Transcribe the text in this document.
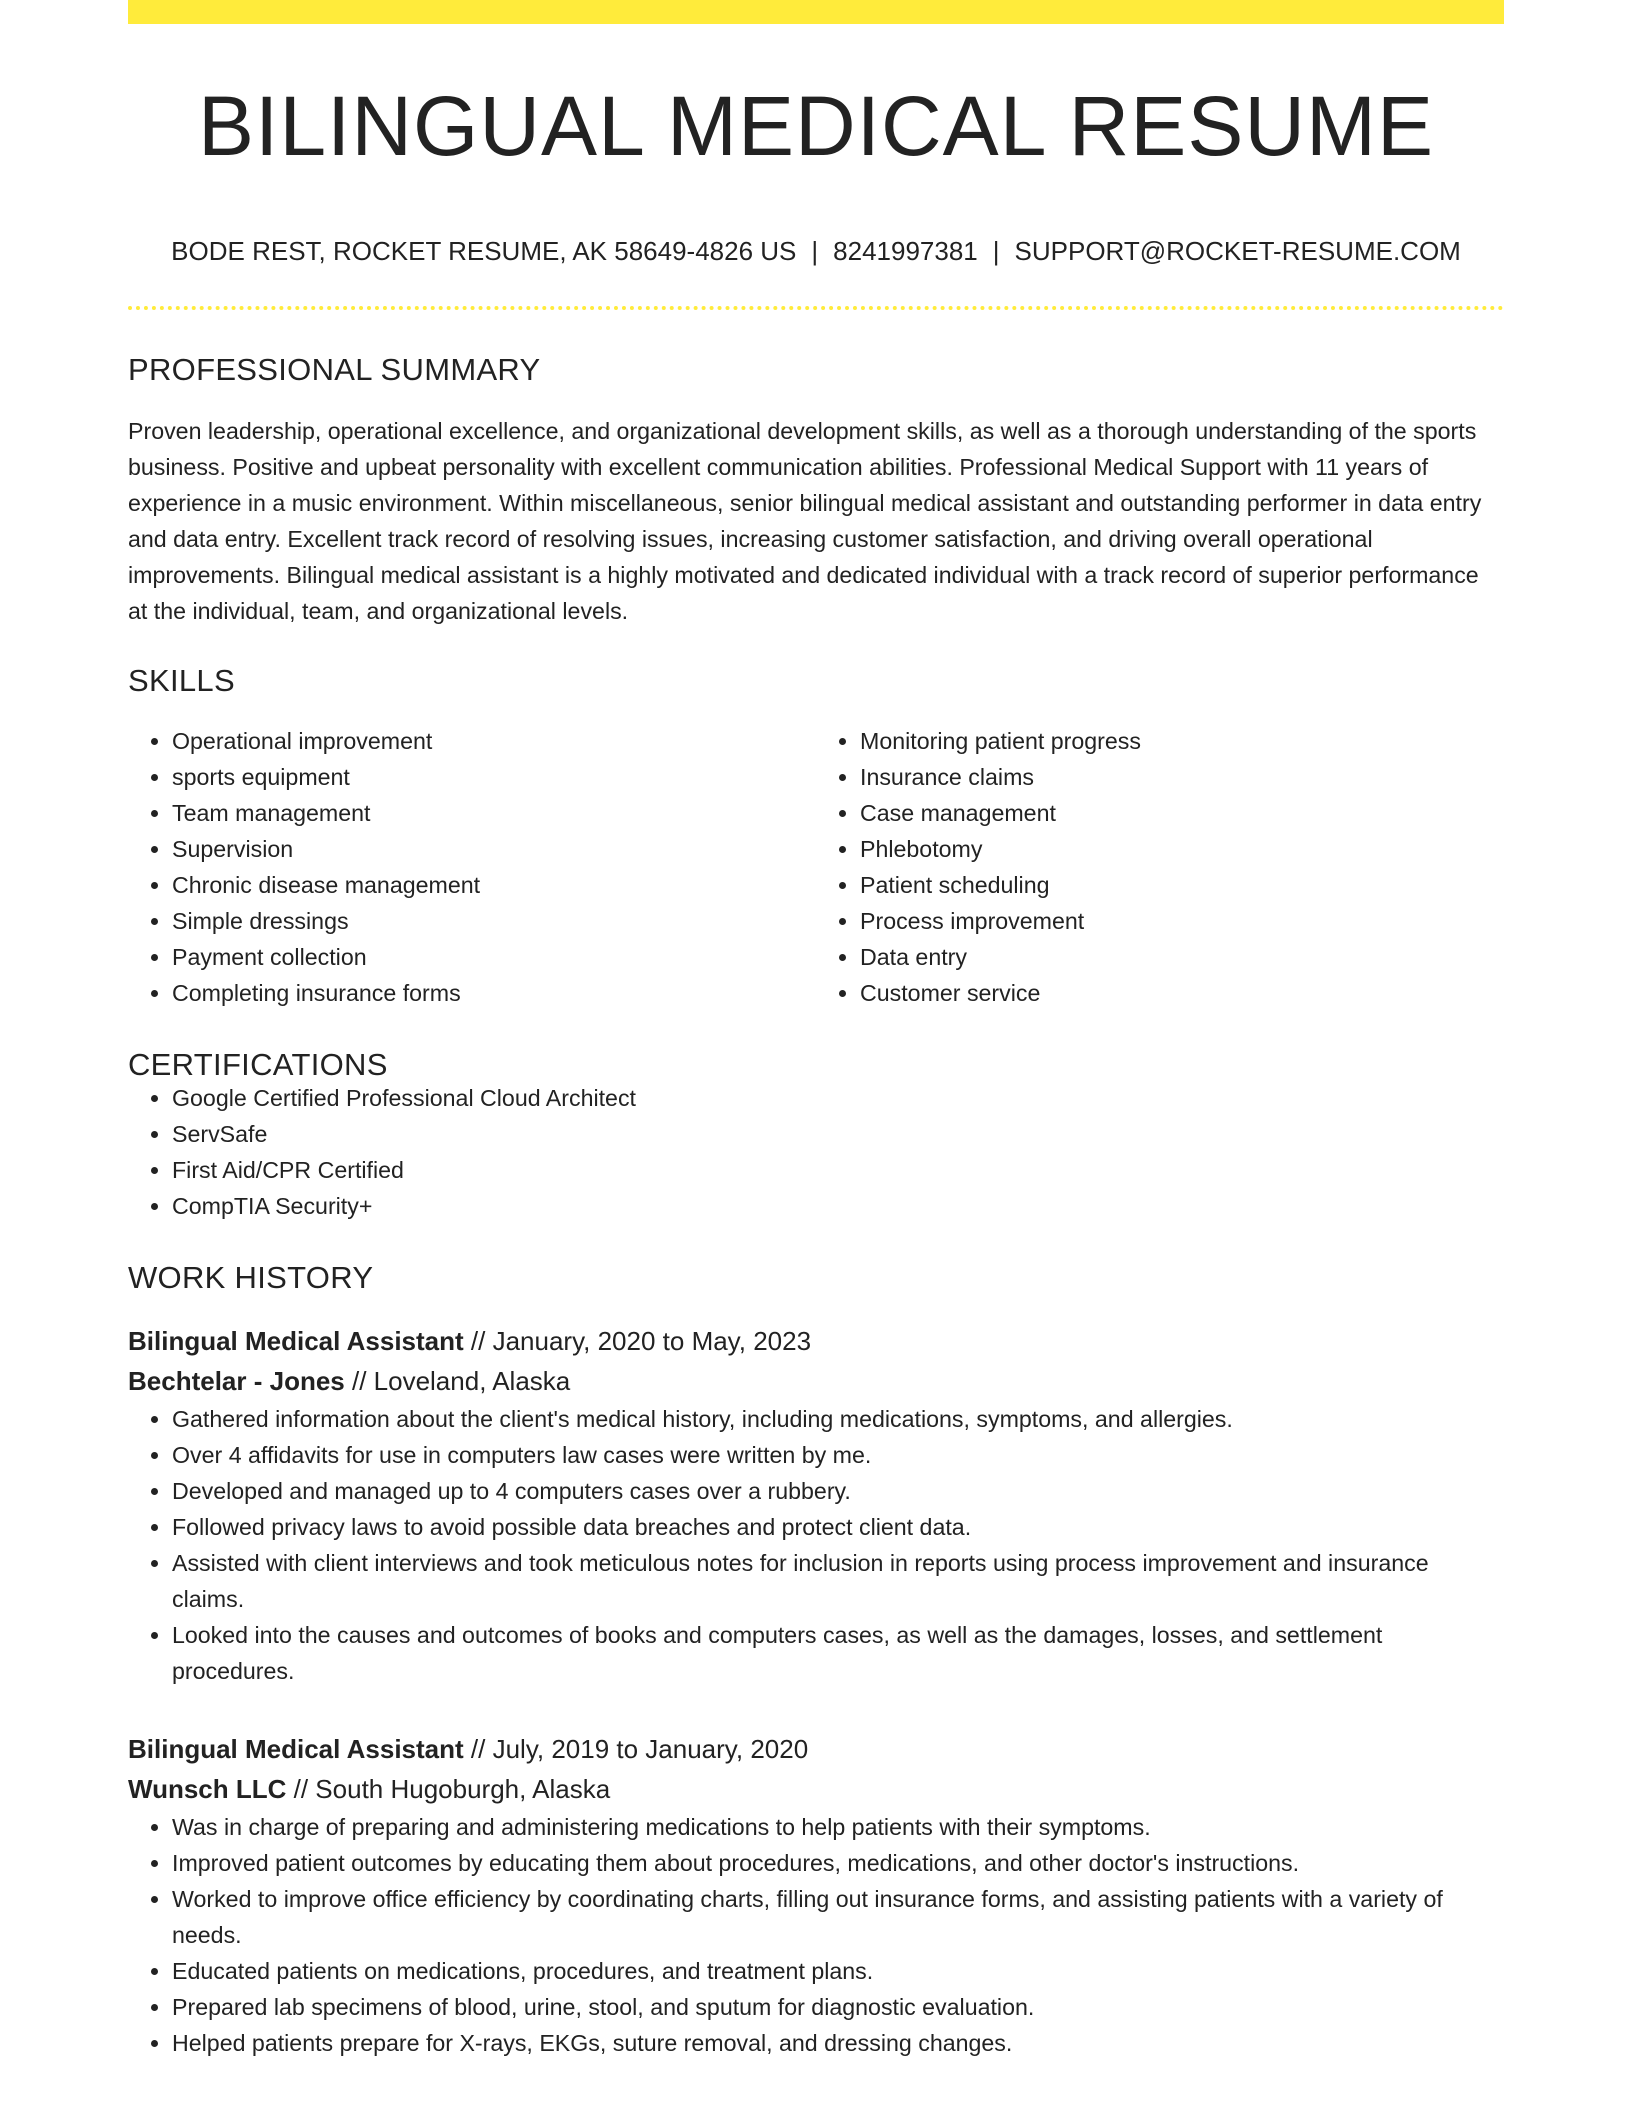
BILINGUAL MEDICAL RESUME
BODE REST, ROCKET RESUME, AK 58649-4826 US | 8241997381 | SUPPORT@ROCKET-RESUME.COM
PROFESSIONAL SUMMARY

Proven leadership, operational excellence, and organizational development skills, as well as a thorough understanding of the sports business. Positive and upbeat personality with excellent communication abilities. Professional Medical Support with 11 years of experience in a music environment. Within miscellaneous, senior bilingual medical assistant and outstanding performer in data entry and data entry. Excellent track record of resolving issues, increasing customer satisfaction, and driving overall operational improvements. Bilingual medical assistant is a highly motivated and dedicated individual with a track record of superior performance at the individual, team, and organizational levels.

SKILLS
• Operational improvement
• sports equipment
• Team management
• Supervision
• Chronic disease management
• Simple dressings
• Payment collection
• Completing insurance forms
• Monitoring patient progress
• Insurance claims
• Case management
• Phlebotomy
• Patient scheduling
• Process improvement
• Data entry
• Customer service
CERTIFICATIONS
• Google Certified Professional Cloud Architect
• ServSafe
• First Aid/CPR Certified
• CompTIA Security+
WORK HISTORY
Bilingual Medical Assistant // January, 2020 to May, 2023
Bechtelar - Jones // Loveland, Alaska
• Gathered information about the client's medical history, including medications, symptoms, and allergies.
• Over 4 affidavits for use in computers law cases were written by me.
• Developed and managed up to 4 computers cases over a rubbery.
• Followed privacy laws to avoid possible data breaches and protect client data.
• Assisted with client interviews and took meticulous notes for inclusion in reports using process improvement and insurance claims.
• Looked into the causes and outcomes of books and computers cases, as well as the damages, losses, and settlement procedures.
Bilingual Medical Assistant // July, 2019 to January, 2020
Wunsch LLC // South Hugoburgh, Alaska
• Was in charge of preparing and administering medications to help patients with their symptoms.
• Improved patient outcomes by educating them about procedures, medications, and other doctor's instructions.
• Worked to improve office efficiency by coordinating charts, filling out insurance forms, and assisting patients with a variety of needs.
• Educated patients on medications, procedures, and treatment plans.
• Prepared lab specimens of blood, urine, stool, and sputum for diagnostic evaluation.
• Helped patients prepare for X-rays, EKGs, suture removal, and dressing changes.
